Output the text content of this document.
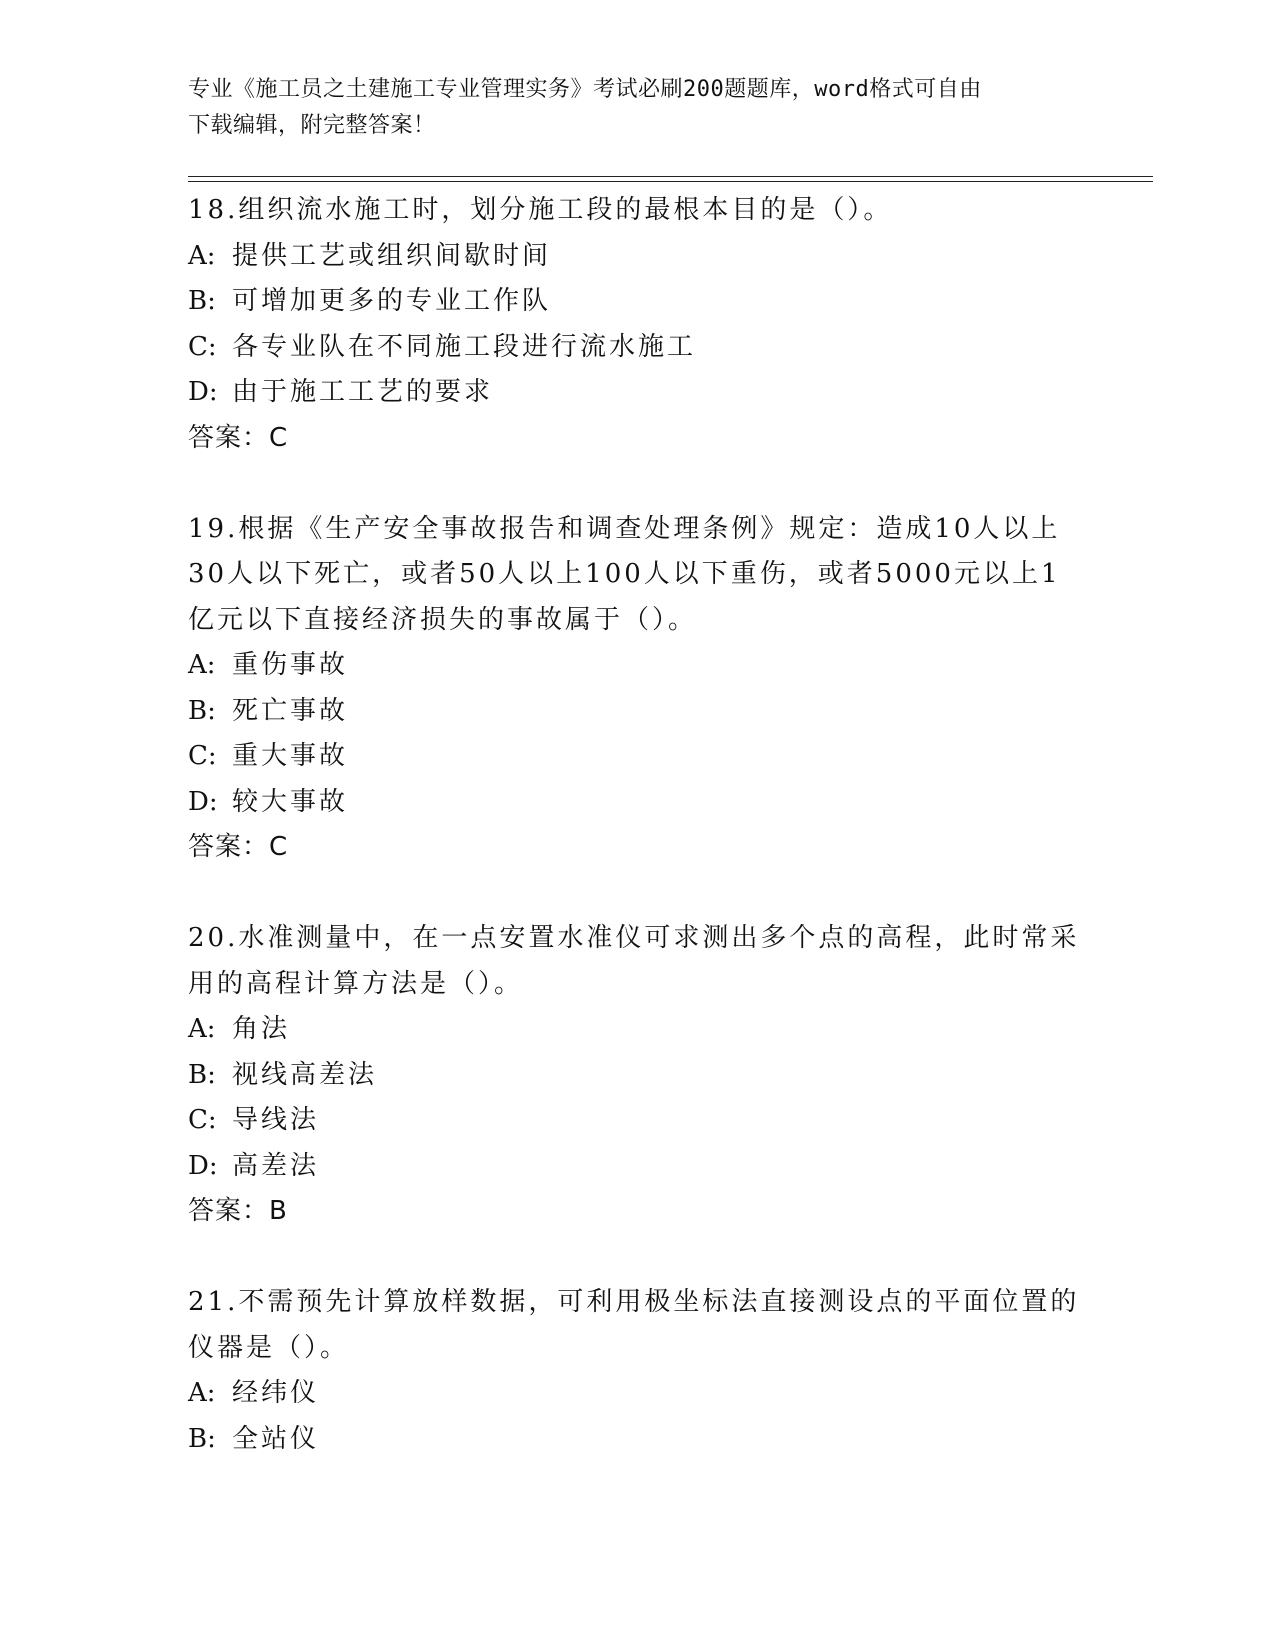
专业《施工员之土建施工专业管理实务》考试必刷200题题库，word格式可自由
下载编辑，附完整答案！

18.组织流水施工时，划分施工段的最根本目的是（）。

A: 提供工艺或组织间歇时间

B: 可增加更多的专业工作队

C: 各专业队在不同施工段进行流水施工

D: 由于施工工艺的要求

答案：C

19.根据《生产安全事故报告和调查处理条例》规定：造成10人以上30人以下死亡，或者50人以上100人以下重伤，或者5000元以上1亿元以下直接经济损失的事故属于（）。

A: 重伤事故

B: 死亡事故

C: 重大事故

D: 较大事故

答案：C

20.水准测量中，在一点安置水准仪可求测出多个点的高程，此时常采用的高程计算方法是（）。

A: 角法

B: 视线高差法

C: 导线法

D: 高差法

答案：B

21.不需预先计算放样数据，可利用极坐标法直接测设点的平面位置的仪器是（）。

A: 经纬仪

B: 全站仪
